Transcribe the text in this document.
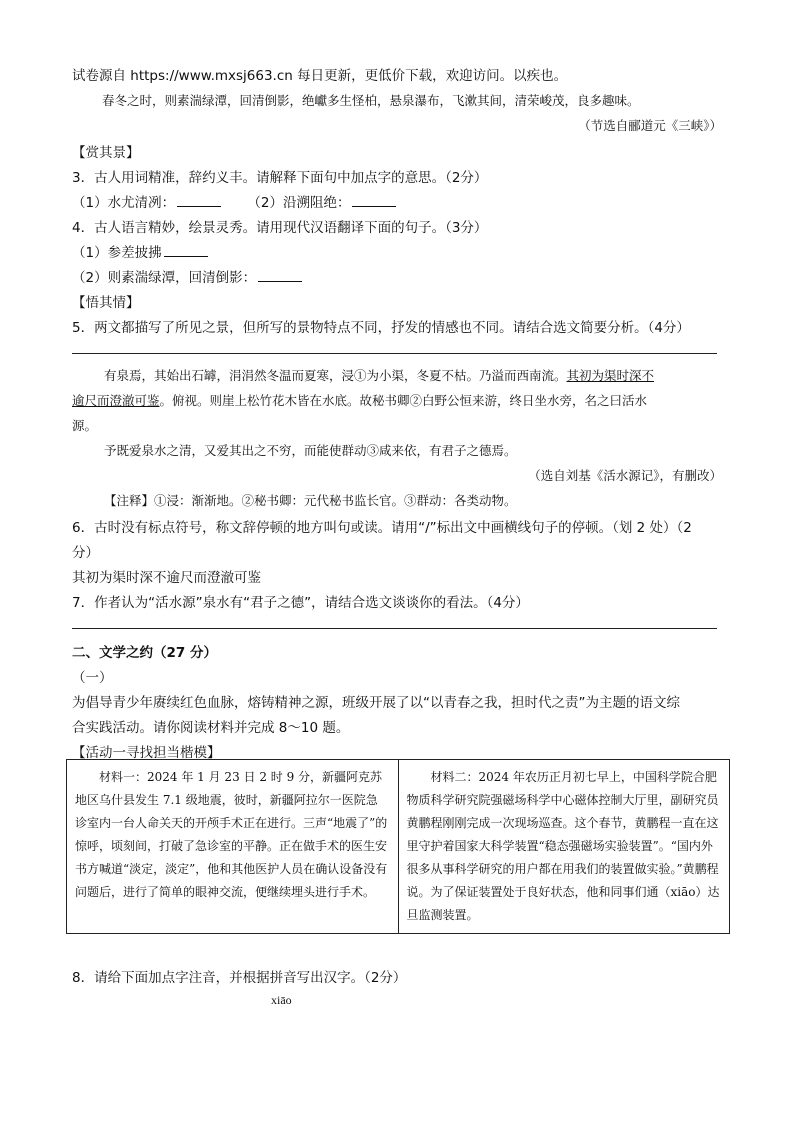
试卷源自 https://www.mxsj663.cn 每日更新，更低价下载，欢迎访问。以疾也。
春冬之时，则素湍绿潭，回清倒影，绝巘多生怪柏，悬泉瀑布，飞漱其间，清荣峻茂，良多趣味。
（节选自郦道元《三峡》）
【赏其景】
3．古人用词精准，辞约义丰。请解释下面句中加点字的意思。（2分）
（1）水尤清冽：	（2）沿溯阻绝：
4．古人语言精妙，绘景灵秀。请用现代汉语翻译下面的句子。（3分）
（1）参差披拂
（2）则素湍绿潭，回清倒影：
【悟其情】
5．两文都描写了所见之景，但所写的景物特点不同，抒发的情感也不同。请结合选文简要分析。（4分）
有泉焉，其始出石罅，涓涓然冬温而夏寒，浸①为小渠，冬夏不枯。乃溢而西南流。其初为渠时深不
逾尺而澄澈可鉴。俯视。则崖上松竹花木皆在水底。故秘书卿②白野公恒来游，终日坐水旁，名之曰活水
源。
予既爱泉水之清，又爱其出之不穷，而能使群动③咸来依，有君子之德焉。
（选自刘基《活水源记》，有删改）
【注释】①浸：渐渐地。②秘书卿：元代秘书监长官。③群动：各类动物。
6．古时没有标点符号，称文辞停顿的地方叫句或读。请用“/”标出文中画横线句子的停顿。（划 2 处）（2
分）
其初为渠时深不逾尺而澄澈可鉴
7．作者认为“活水源”泉水有“君子之德”，请结合选文谈谈你的看法。（4分）
二、文学之约（27 分）
（一）
为倡导青少年赓续红色血脉，熔铸精神之源，班级开展了以“以青春之我，担时代之责”为主题的语文综
合实践活动。请你阅读材料并完成 8～10 题。
【活动一寻找担当楷模】

材料一：2024 年 1 月 23 日 2 时 9 分，新疆阿克苏地区乌什县发生 7.1 级地震，彼时，新疆阿拉尔一医院急诊室内一台人命关天的开颅手术正在进行。三声“地震了”的惊呼，顷刻间，打破了急诊室的平静。正在做手术的医生安书方喊道“淡定，淡定”，他和其他医护人员在确认设备没有问题后，进行了简单的眼神交流，便继续埋头进行手术。

材料二：2024 年农历正月初七早上，中国科学院合肥物质科学研究院强磁场科学中心磁体控制大厅里，副研究员黄鹏程刚刚完成一次现场巡查。这个春节，黄鹏程一直在这里守护着国家大科学装置“稳态强磁场实验装置”。“国内外很多从事科学研究的用户都在用我们的装置做实验。”黄鹏程说。为了保证装置处于良好状态，他和同事们通（xiāo）达旦监测装置。

8．请给下面加点字注音，并根据拼音写出汉字。（2分）
xiāo
